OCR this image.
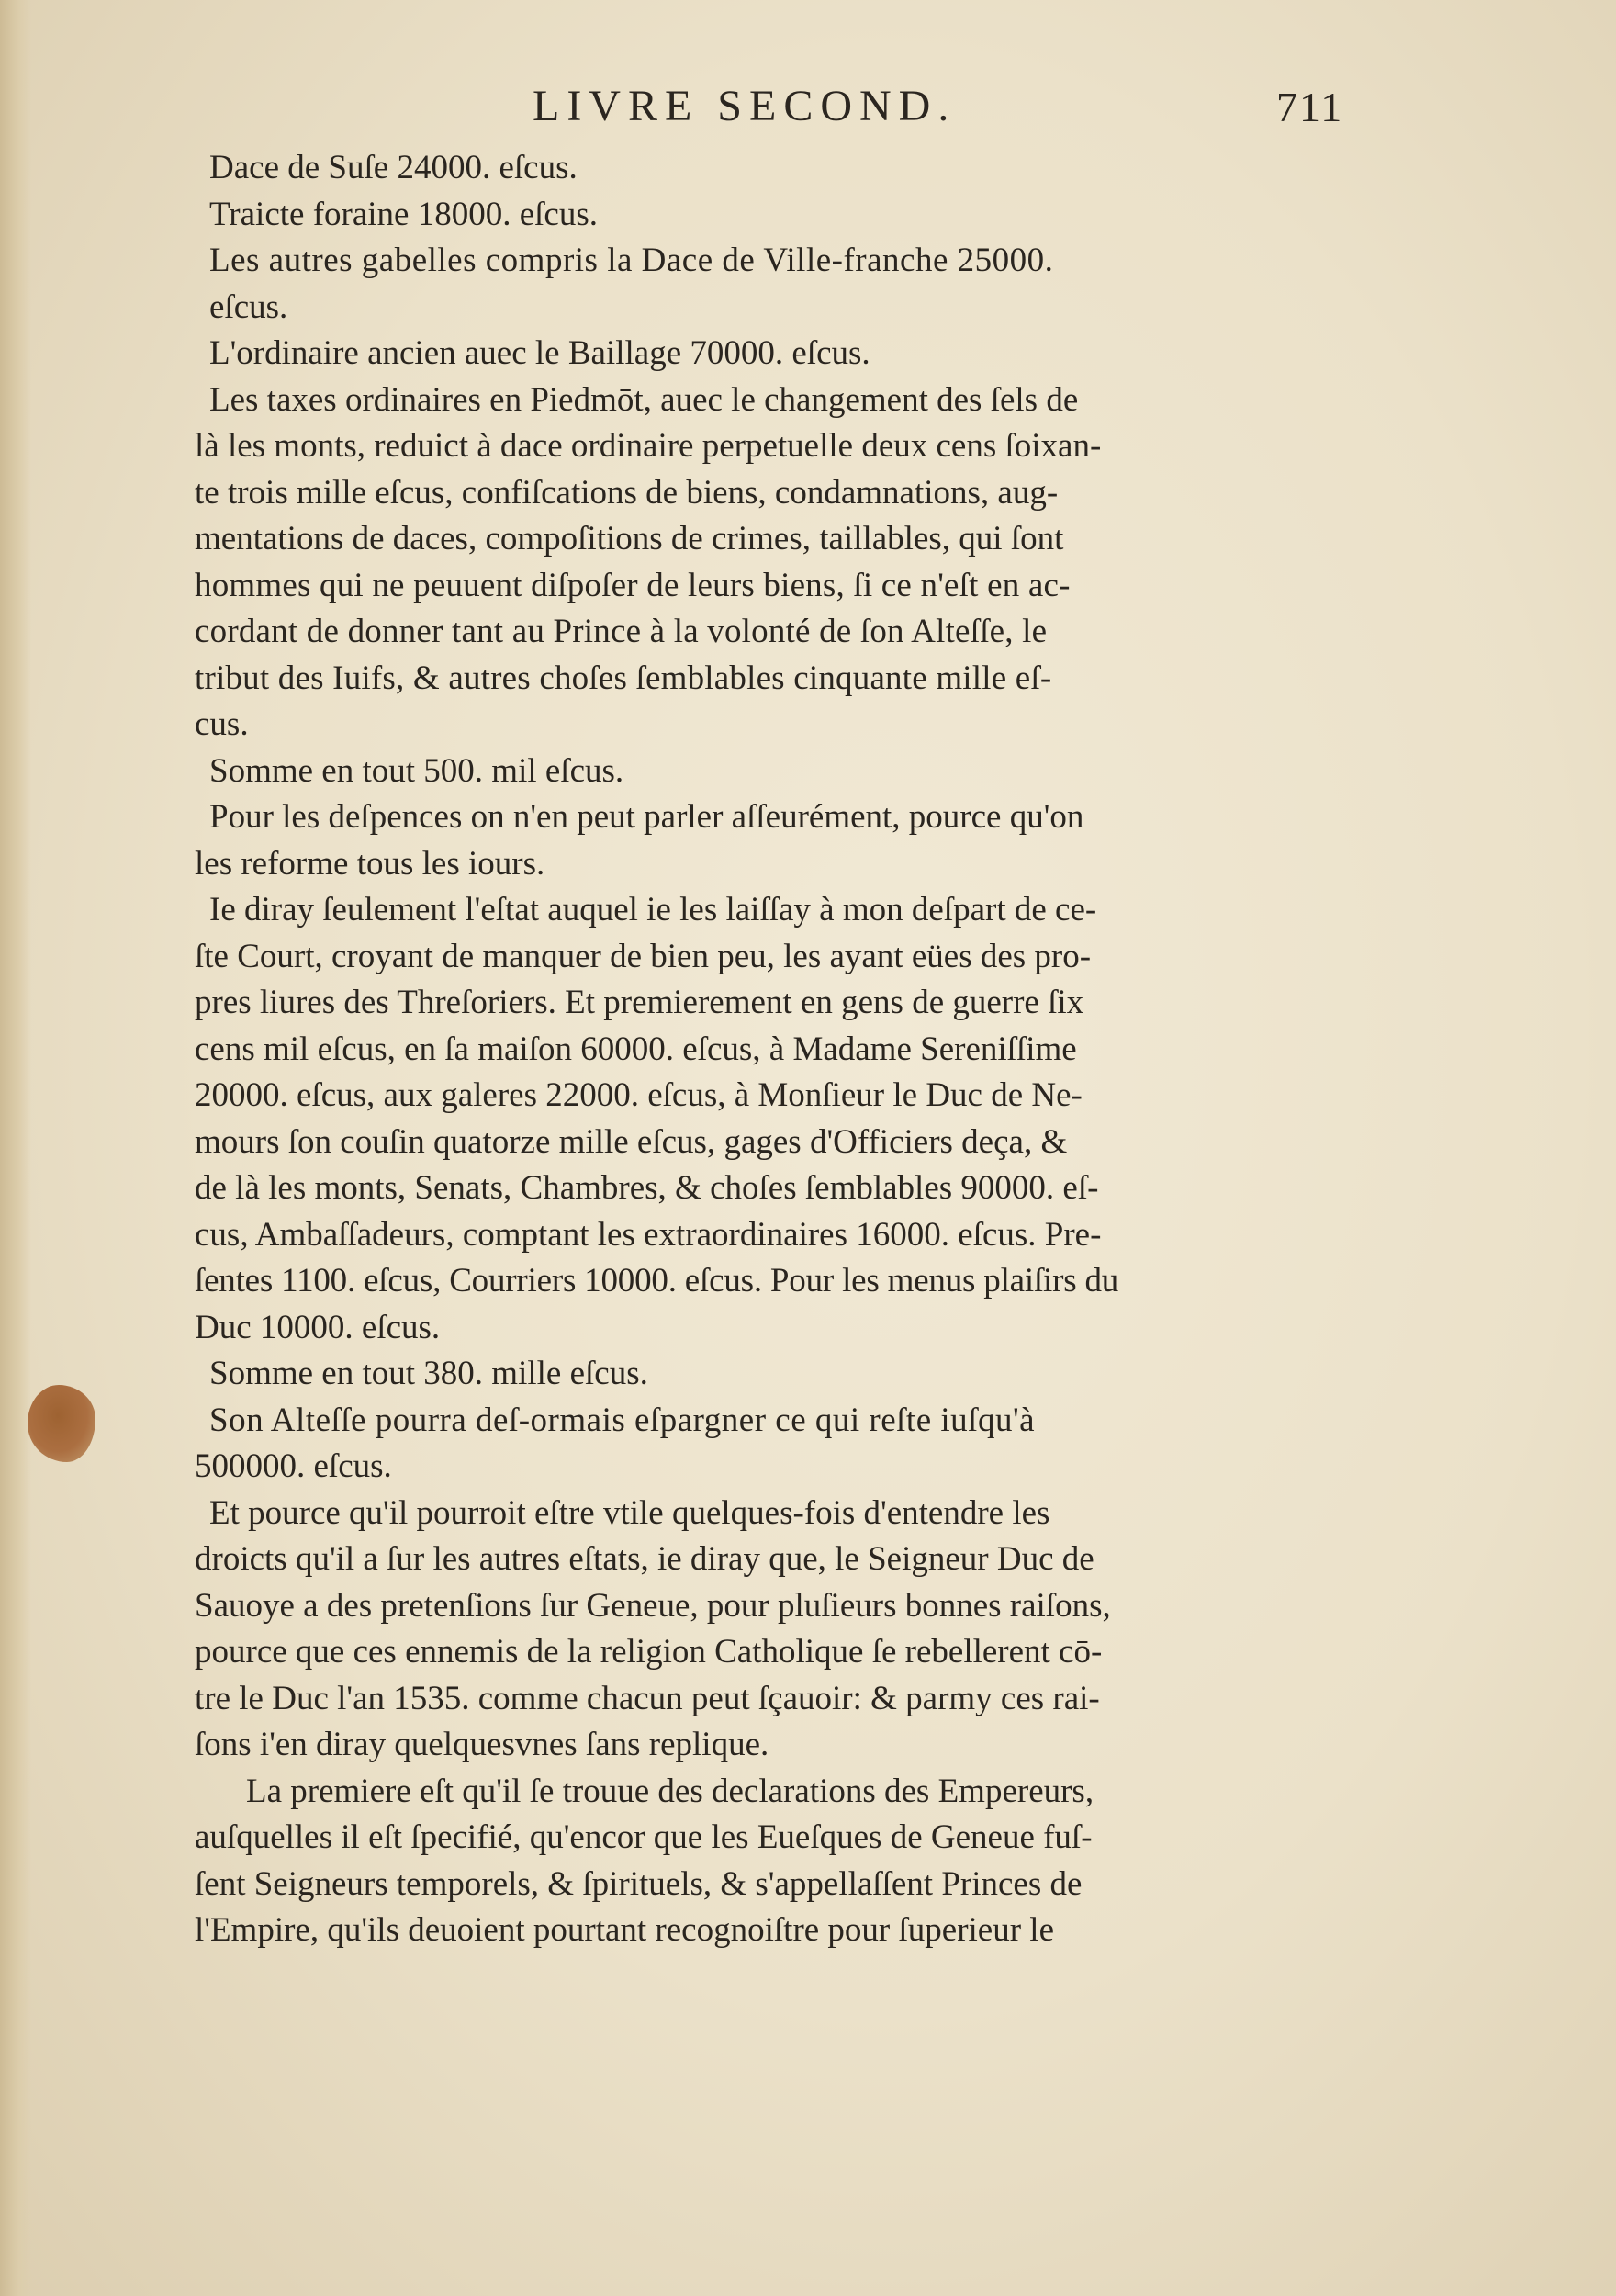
LIVRE SECOND.	711
Dace de Suſe 24000. eſcus.
Traicte foraine 18000. eſcus.
Les autres gabelles compris la Dace de Ville-franche 25000.
eſcus.
L'ordinaire ancien auec le Baillage 70000. eſcus.
Les taxes ordinaires en Piedmōt, auec le changement des ſels de
là les monts, reduict à dace ordinaire perpetuelle deux cens ſoixan-
te trois mille eſcus, confiſcations de biens, condamnations, aug-
mentations de daces, compoſitions de crimes, taillables, qui ſont
hommes qui ne peuuent diſpoſer de leurs biens, ſi ce n'eſt en ac-
cordant de donner tant au Prince à la volonté de ſon Alteſſe, le
tribut des Iuifs, & autres choſes ſemblables cinquante mille eſ-
cus.
Somme en tout 500. mil eſcus.
Pour les deſpences on n'en peut parler aſſeurément, pource qu'on
les reforme tous les iours.
Ie diray ſeulement l'eſtat auquel ie les laiſſay à mon deſpart de ce-
ſte Court, croyant de manquer de bien peu, les ayant eües des pro-
pres liures des Threſoriers. Et premierement en gens de guerre ſix
cens mil eſcus, en ſa maiſon 60000. eſcus, à Madame Sereniſſime
20000. eſcus, aux galeres 22000. eſcus, à Monſieur le Duc de Ne-
mours ſon couſin quatorze mille eſcus, gages d'Officiers deça, &
de là les monts, Senats, Chambres, & choſes ſemblables 90000. eſ-
cus, Ambaſſadeurs, comptant les extraordinaires 16000. eſcus. Pre-
ſentes 1100. eſcus, Courriers 10000. eſcus. Pour les menus plaiſirs du
Duc 10000. eſcus.
Somme en tout 380. mille eſcus.
Son Alteſſe pourra deſ-ormais eſpargner ce qui reſte iuſqu'à
500000. eſcus.
Et pource qu'il pourroit eſtre vtile quelques-fois d'entendre les
droicts qu'il a ſur les autres eſtats, ie diray que, le Seigneur Duc de
Sauoye a des pretenſions ſur Geneue, pour pluſieurs bonnes raiſons,
pource que ces ennemis de la religion Catholique ſe rebellerent cō-
tre le Duc l'an 1535. comme chacun peut ſçauoir: & parmy ces rai-
ſons i'en diray quelquesvnes ſans replique.
La premiere eſt qu'il ſe trouue des declarations des Empereurs,
auſquelles il eſt ſpecifié, qu'encor que les Eueſques de Geneue fuſ-
ſent Seigneurs temporels, & ſpirituels, & s'appellaſſent Princes de
l'Empire, qu'ils deuoient pourtant recognoiſtre pour ſuperieur le
